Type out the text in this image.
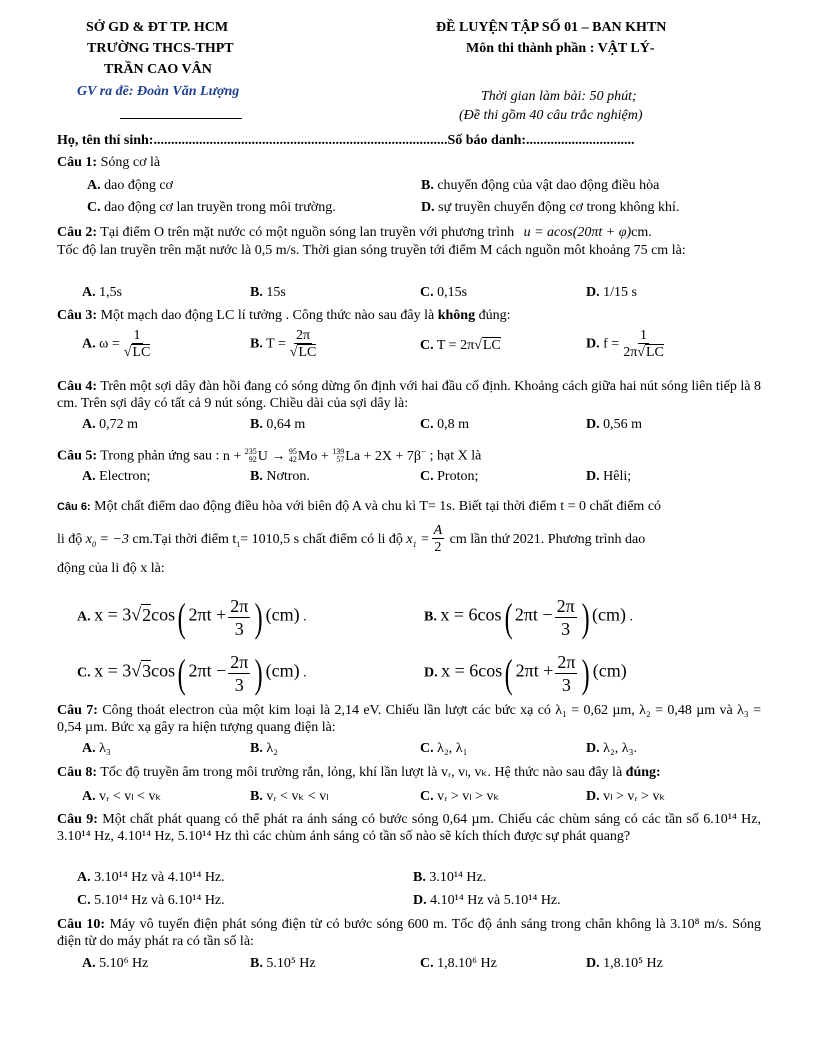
SỞ GD & ĐT TP. HCM
TRƯỜNG THCS-THPT
TRẦN CAO VÂN
GV ra đề: Đoàn Văn Lượng
ĐỀ LUYỆN TẬP SỐ 01 – BAN KHTN
Môn thi thành phần : VẬT LÝ-
Thời gian làm bài: 50 phút;
(Đề thi gồm 40 câu trắc nghiệm)
Họ, tên thí sinh:....................................................................................Số báo danh:...............................
Câu 1: Sóng cơ là
A. dao động cơ	B. chuyển động của vật dao động điều hòa
C. dao động cơ lan truyền trong môi trường.	D. sự truyền chuyển động cơ trong không khí.
Câu 2: Tại điểm O trên mặt nước có một nguồn sóng lan truyền với phương trình u = acos(20πt + φ)cm.
Tốc độ lan truyền trên mặt nước là 0,5 m/s. Thời gian sóng truyền tới điểm M cách nguồn môt khoảng 75 cm là:
A. 1,5s	B. 15s	C. 0,15s	D. 1/15 s
Câu 3: Một mạch dao động LC lí tưởng . Công thức nào sau đây là không đúng:
A. $\omega = \frac{1}{√LC}$	B. $T = \frac{2\pi}{√LC}$	C. T = 2π√LC	D. $f = \frac{1}{2\pi√LC}$
Câu 4: Trên một sợi dây đàn hồi đang có sóng dừng ổn định với hai đầu cố định. Khoảng cách giữa hai nút sóng liên tiếp là 8 cm. Trên sợi dây có tất cả 9 nút sóng. Chiều dài của sợi dây là:
A. 0,72 m	B. 0,64 m	C. 0,8 m	D. 0,56 m
Câu 5: Trong phản ứng sau : n + 235
92 U → 95
42 Mo + 139
57 La + 2X + 7β− ; hạt X là
A. Electron;	B. Nơtron.	C. Proton;	D. Hêli;
Câu 6: Một chất điểm dao động điều hòa với biên độ A và chu kì T= 1s. Biết tại thời điểm t = 0 chất điểm có
li độ $x_0 = -3$ cm.Tại thời điểm $t_1= 1010,5$ s chất điểm có li độ $x_1 = \frac{A}{2}$ cm lần thứ 2021. Phương trình dao
động của li độ x là:
A. x = 3√2cos( $2\pi t + \frac{2\pi}{3}$ ) (cm) .	B. x = 6cos( $2\pi t - \frac{2\pi}{3}$ ) (cm) .
C. x = 3√3cos( $2\pi t - \frac{2\pi}{3}$ ) (cm) .	D. x = 6cos( $2\pi t + \frac{2\pi}{3}$ ) (cm)
Câu 7: Công thoát electron của một kim loại là 2,14 eV. Chiếu lần lượt các bức xạ có λ₁ = 0,62 µm, λ₂ = 0,48 µm và λ₃ = 0,54 µm. Bức xạ gây ra hiện tượng quang điện là:
A. λ₃	B. λ₂	C. λ₂, λ₁	D. λ₂, λ₃.
Câu 8: Tốc độ truyền âm trong môi trường rắn, lỏng, khí lần lượt là vᵣ, vₗ, vₖ. Hệ thức nào sau đây là đúng:
A. vᵣ < vₗ < vₖ	B. vᵣ < vₖ < vₗ	C. vᵣ > vₗ > vₖ	D. vₗ > vᵣ > vₖ
Câu 9: Một chất phát quang có thể phát ra ánh sáng có bước sóng 0,64 µm. Chiếu các chùm sáng có các tần số 6.10¹⁴ Hz, 3.10¹⁴ Hz, 4.10¹⁴ Hz, 5.10¹⁴ Hz thì các chùm ánh sáng có tần số nào sẽ kích thích được sự phát quang?
A. 3.10¹⁴ Hz và 4.10¹⁴ Hz.	B. 3.10¹⁴ Hz.
C. 5.10¹⁴ Hz và 6.10¹⁴ Hz.	D. 4.10¹⁴ Hz và 5.10¹⁴ Hz.
Câu 10: Máy vô tuyến điện phát sóng điện từ có bước sóng 600 m. Tốc độ ánh sáng trong chân không là 3.10⁸ m/s. Sóng điện từ do máy phát ra có tần số là:
A. 5.10⁶ Hz	B. 5.10⁵ Hz	C. 1,8.10⁶ Hz	D. 1,8.10⁵ Hz
